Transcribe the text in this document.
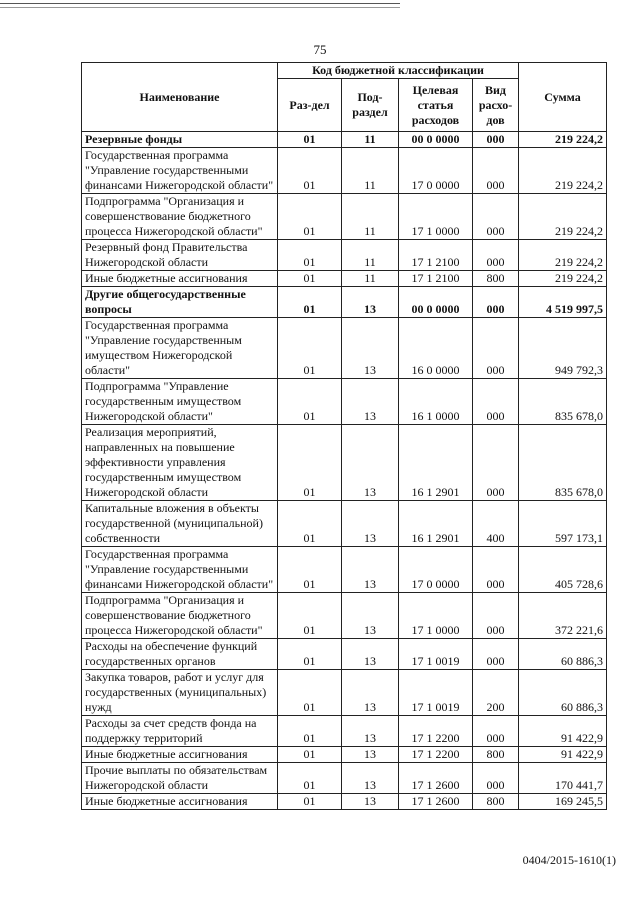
75
Наименование	Код бюджетной классификации				Сумма
	Раз-дел	Под-раздел	Целевая статья расходов	Вид расхо-дов	
Резервные фонды	01	11	00 0 0000	000	219 224,2
Государственная программа "Управление государственными финансами Нижегородской области"	01	11	17 0 0000	000	219 224,2
Подпрограмма "Организация и совершенствование бюджетного процесса Нижегородской области"	01	11	17 1 0000	000	219 224,2
Резервный фонд Правительства Нижегородской области	01	11	17 1 2100	000	219 224,2
Иные бюджетные ассигнования	01	11	17 1 2100	800	219 224,2
Другие общегосударственные вопросы	01	13	00 0 0000	000	4 519 997,5
Государственная программа "Управление государственным имуществом Нижегородской области"	01	13	16 0 0000	000	949 792,3
Подпрограмма "Управление государственным имуществом Нижегородской области"	01	13	16 1 0000	000	835 678,0
Реализация мероприятий, направленных на повышение эффективности управления государственным имуществом Нижегородской области	01	13	16 1 2901	000	835 678,0
Капитальные вложения в объекты государственной (муниципальной) собственности	01	13	16 1 2901	400	597 173,1
Государственная программа "Управление государственными финансами Нижегородской области"	01	13	17 0 0000	000	405 728,6
Подпрограмма "Организация и совершенствование бюджетного процесса Нижегородской области"	01	13	17 1 0000	000	372 221,6
Расходы на обеспечение функций государственных органов	01	13	17 1 0019	000	60 886,3
Закупка товаров, работ и услуг для государственных (муниципальных) нужд	01	13	17 1 0019	200	60 886,3
Расходы за счет средств фонда на поддержку территорий	01	13	17 1 2200	000	91 422,9
Иные бюджетные ассигнования	01	13	17 1 2200	800	91 422,9
Прочие выплаты по обязательствам Нижегородской области	01	13	17 1 2600	000	170 441,7
Иные бюджетные ассигнования	01	13	17 1 2600	800	169 245,5
0404/2015-1610(1)
